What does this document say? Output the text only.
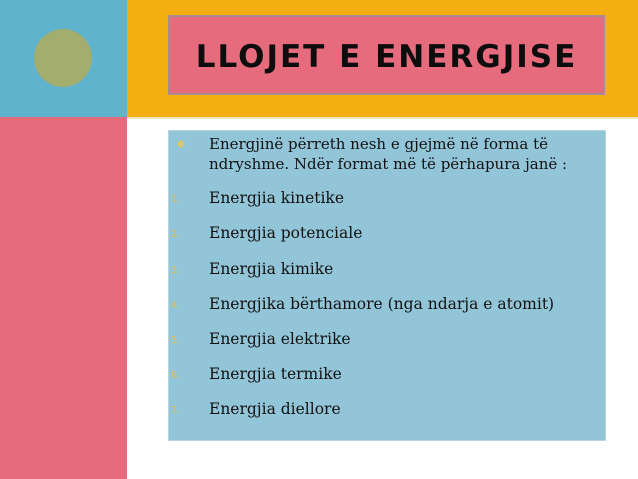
LLOJET E ENERGJISE
❖ Energjinë përreth nesh e gjejmë në forma të ndryshme. Ndër format më të përhapura janë :
1. Energjia kinetike
2. Energjia potenciale
3. Energjia kimike
4. Energjika bërthamore (nga ndarja e atomit)
5. Energjia elektrike
6. Energjia termike
7. Energjia diellore
